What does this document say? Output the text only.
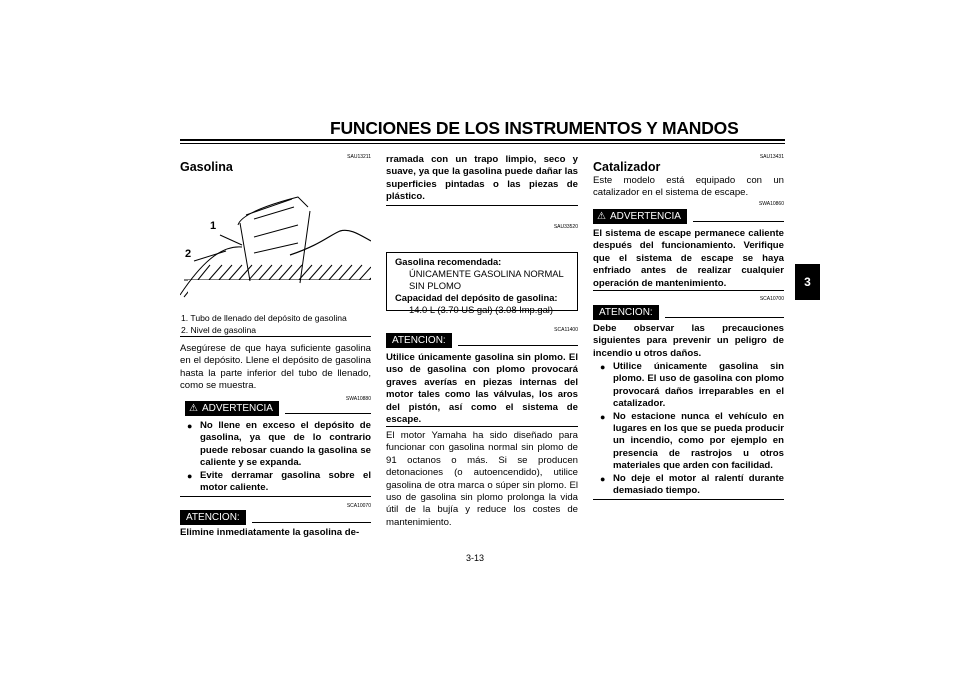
FUNCIONES DE LOS INSTRUMENTOS Y MANDOS
3
SAU13211
Gasolina
1
2
1. Tubo de llenado del depósito de gasolina
2. Nivel de gasolina
Asegúrese de que haya suficiente gasolina en el depósito. Llene el depósito de gasolina hasta la parte inferior del tubo de llenado, como se muestra.
SWA10880
⚠ ADVERTENCIA
● No llene en exceso el depósito de gasolina, ya que de lo contrario puede rebosar cuando la gasolina se caliente y se expanda.
● Evite derramar gasolina sobre el motor caliente.
SCA10070
ATENCION:
Elimine inmediatamente la gasolina de-
rramada con un trapo limpio, seco y suave, ya que la gasolina puede dañar las superficies pintadas o las piezas de plástico.
SAU33520
Gasolina recomendada:
ÚNICAMENTE GASOLINA NORMAL SIN PLOMO
Capacidad del depósito de gasolina:
14.0 L (3.70 US gal) (3.08 Imp.gal)
SCA11400
ATENCION:
Utilice únicamente gasolina sin plomo. El uso de gasolina con plomo provocará graves averías en piezas internas del motor tales como las válvulas, los aros del pistón, así como el sistema de escape.
El motor Yamaha ha sido diseñado para funcionar con gasolina normal sin plomo de 91 octanos o más. Si se producen detonaciones (o autoencendido), utilice gasolina de otra marca o súper sin plomo. El uso de gasolina sin plomo prolonga la vida útil de la bujía y reduce los costes de mantenimiento.
SAU13431
Catalizador
Este modelo está equipado con un catalizador en el sistema de escape.
SWA10860
⚠ ADVERTENCIA
El sistema de escape permanece caliente después del funcionamiento. Verifique que el sistema de escape se haya enfriado antes de realizar cualquier operación de mantenimiento.
SCA10700
ATENCION:
Debe observar las precauciones siguientes para prevenir un peligro de incendio u otros daños.
● Utilice únicamente gasolina sin plomo. El uso de gasolina con plomo provocará daños irreparables en el catalizador.
● No estacione nunca el vehículo en lugares en los que se pueda producir un incendio, como por ejemplo en presencia de rastrojos u otros materiales que arden con facilidad.
● No deje el motor al ralentí durante demasiado tiempo.
3-13
